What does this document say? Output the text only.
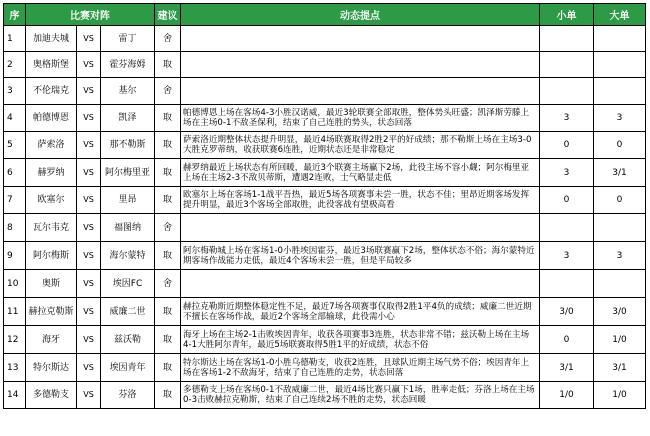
序	比赛对阵			建议	动态提点	小单	大单
1	加迪夫城	VS	雷丁	舍			
2	奥格斯堡	VS	霍芬海姆	取			
3	不伦瑞克	VS	基尔	舍			
4	帕德博恩	VS	凯泽	取	帕德博恩上场在客场4-3小胜汉诺威，最近3轮联赛全部取胜，整体势头旺盛；凯泽斯劳滕上场在主场0-1不敌圣保利，结束了自己连胜的势头，状态回落	3	3
5	萨索洛	VS	那不勒斯	取	萨索洛近期整体状态提升明显，最近4场联赛取得2胜2平的好成绩；那不勒斯上场在主场3-0大胜克罗蒂纳，收获联赛6连胜，近期状态还是非常稳定	0	0
6	赫罗纳	VS	阿尔梅里亚	取	赫罗纳最近上场状态有所回暖，最近3个联赛主场赢下2场，此役主场不容小觑；阿尔梅里亚上场在主场2-3不敌贝蒂斯，遭遇2连败，士气略显走低	3	3/1
7	欧塞尔	VS	里昂	取	欧塞尔上场在客场1-1战平吾热，最近5场各项赛事未尝一胜，状态不佳；里昂近期客场发挥提升明显，最近3个客场全部取胜，此役客战有望极高看	0	0
8	瓦尔韦克	VS	福图纳	舍			
9	阿尔梅斯	VS	海尔蒙特	取	阿尔梅勒城上场在客场1-0小胜埃因霍芬，最近3场联赛赢下2场，整体状态不俗；海尔蒙特近期客场作战能力走低，最近4个客场未尝一胜，但是平局较多	3	3
10	奥斯	VS	埃因FC	舍			
11	赫拉克勒斯	VS	威廉二世	取	赫拉克勒斯近期整体稳定性不足，最近7场各项赛事仅取得2胜1平4负的成绩；威廉二世近期不擅长在客场作战，最近2个客场全部输球，此役需小心	3/0	3/0
12	海牙	VS	兹沃勒	取	海牙上场在主场2-1击败埃因青年，收获各项赛事3连胜，状态非常不错；兹沃勒上场在主场4-1大胜阿尔青年，最近5场联赛取得5胜1平的好成绩，状态不俗	0	1/0
13	特尔斯达	VS	埃因青年	取	特尔斯达上场在客场1-0小胜乌德勒支，收获2连胜，且球队近期主场气势不俗；埃因青年上场在客场1-2不敌海牙，结束了自己连胜的走势，状态回落	3/1	3/1
14	多德勒支	VS	芬洛	取	多德勒支上场在客场0-1不敌威廉二世，最近4场比赛只赢下1场，胜率走低；芬洛上场在主场0-3击败赫拉克勒斯，结束了自己连续2场不胜的走势，状态回暖	1/0	1/0
